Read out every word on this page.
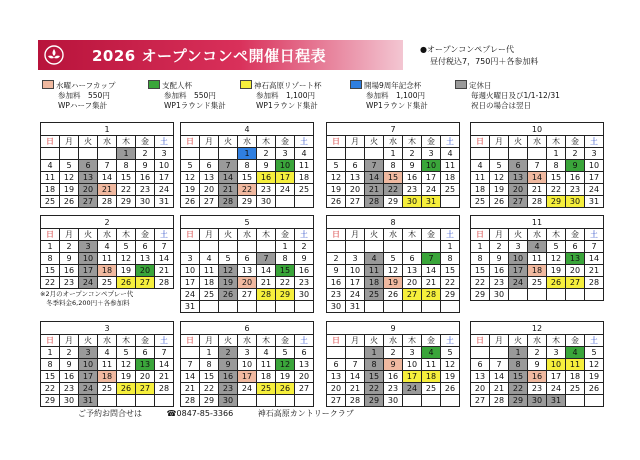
2026 オープンコンペ開催日程表	●オープンコンペプレー代
昼付税込7，750円＋各参加料
水曜ハーフカップ
参加料　550円
WPハーフ集計
支配人杯
参加料　550円
WP1ラウンド集計
神石高原リゾート杯
参加料　1,100円
WP1ラウンド集計
開場9周年記念杯
参加料　1,100円
WP1ラウンド集計
定休日
毎週火曜日及び1/1-12/31
祝日の場合は翌日
1
日	月	火	水	木	金	土
				1	2	3
4	5	6	7	8	9	10
11	12	13	14	15	16	17
18	19	20	21	22	23	24
25	26	27	28	29	30	31
4
日	月	火	水	木	金	土
			1	2	3	4
5	6	7	8	9	10	11
12	13	14	15	16	17	18
19	20	21	22	23	24	25
26	27	28	29	30		
7
日	月	火	水	木	金	土
			1	2	3	4
5	6	7	8	9	10	11
12	13	14	15	16	17	18
19	20	21	22	23	24	25
26	27	28	29	30	31	
10
日	月	火	水	木	金	土
				1	2	3
4	5	6	7	8	9	10
11	12	13	14	15	16	17
18	19	20	21	22	23	24
25	26	27	28	29	30	31
2
日	月	火	水	木	金	土
1	2	3	4	5	6	7
8	9	10	11	12	13	14
15	16	17	18	19	20	21
22	23	24	25	26	27	28
※2月のオープンコンペプレー代
冬季料金6,200円＋各参加料
5
日	月	火	水	木	金	土
					1	2
3	4	5	6	7	8	9
10	11	12	13	14	15	16
17	18	19	20	21	22	23
24	25	26	27	28	29	30
31						
8
日	月	火	水	木	金	土
						1
2	3	4	5	6	7	8
9	10	11	12	13	14	15
16	17	18	19	20	21	22
23	24	25	26	27	28	29
30	31					
11
日	月	火	水	木	金	土
1	2	3	4	5	6	7
8	9	10	11	12	13	14
15	16	17	18	19	20	21
22	23	24	25	26	27	28
29	30					
3
日	月	火	水	木	金	土
1	2	3	4	5	6	7
8	9	10	11	12	13	14
15	16	17	18	19	20	21
22	23	24	25	26	27	28
29	30	31				
6
日	月	火	水	木	金	土
	1	2	3	4	5	6
7	8	9	10	11	12	13
14	15	16	17	18	19	20
21	22	23	24	25	26	27
28	29	30				
9
日	月	火	水	木	金	土
		1	2	3	4	5
6	7	8	9	10	11	12
13	14	15	16	17	18	19
20	21	22	23	24	25	26
27	28	29	30			
12
日	月	火	水	木	金	土
		1	2	3	4	5
6	7	8	9	10	11	12
13	14	15	16	17	18	19
20	21	22	23	24	25	26
27	28	29	30	31		
ご予約お問合せは	☎0847-85-3366	神石高原カントリークラブ
